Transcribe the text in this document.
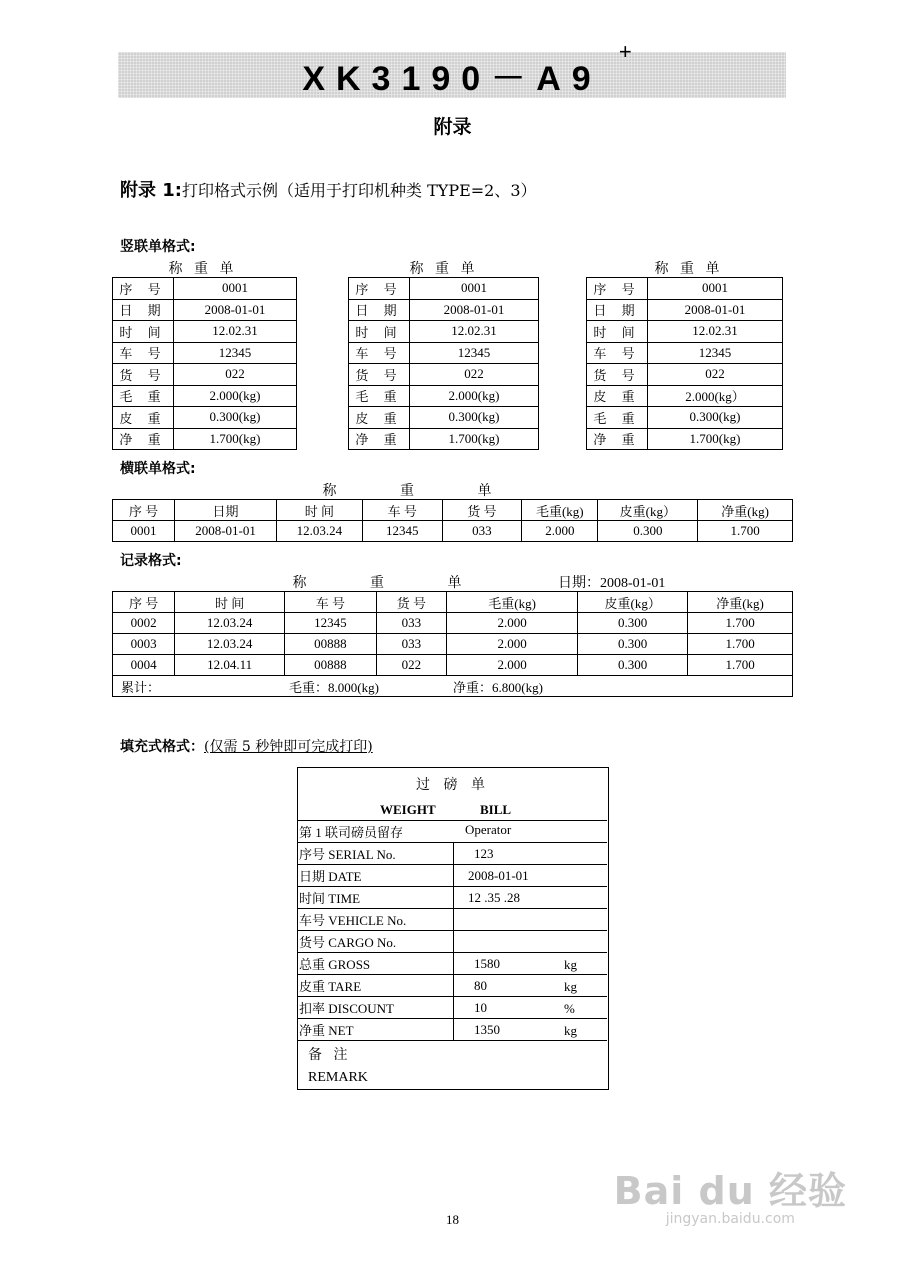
XK3190－A9
+
附录
附录 1:打印格式示例（适用于打印机种类 TYPE=2、3）
竖联单格式:
称 重 单
序 号	0001
日 期	2008-01-01
时 间	12.02.31
车 号	12345
货 号	022
毛 重	2.000(kg)
皮 重	0.300(kg)
净 重	1.700(kg)
称 重 单
序 号	0001
日 期	2008-01-01
时 间	12.02.31
车 号	12345
货 号	022
毛 重	2.000(kg)
皮 重	0.300(kg)
净 重	1.700(kg)
称 重 单
序 号	0001
日 期	2008-01-01
时 间	12.02.31
车 号	12345
货 号	022
皮 重	2.000(kg）
毛 重	0.300(kg)
净 重	1.700(kg)
横联单格式:
称 重 单
序 号	日期	时 间	车 号	货 号	毛重(kg)	皮重(kg）	净重(kg)
0001	2008-01-01	12.03.24	12345	033	2.000	0.300	1.700
记录格式:
称 重 单	日期：2008-01-01
序 号	时 间	车 号	货 号	毛重(kg)	皮重(kg）	净重(kg)
0002	12.03.24	12345	033	2.000	0.300	1.700
0003	12.03.24	00888	033	2.000	0.300	1.700
0004	12.04.11	00888	022	2.000	0.300	1.700
累计： 毛重：8.000(kg) 净重：6.800(kg)						
填充式格式：(仅需 5 秒钟即可完成打印)
过 磅 单
WEIGHT	BILL
第 1 联司磅员留存 Operator	

序号 SERIAL No.	123

日期 DATE	2008-01-01

时间 TIME	12 .35 .28

车号 VEHICLE No.	

货号 CARGO No.	

总重 GROSS	1580 kg

皮重 TARE	80 kg

扣率 DISCOUNT	10 %

净重 NET	1350 kg
备 注
REMARK
18
Bai du 经验
jingyan.baidu.com
